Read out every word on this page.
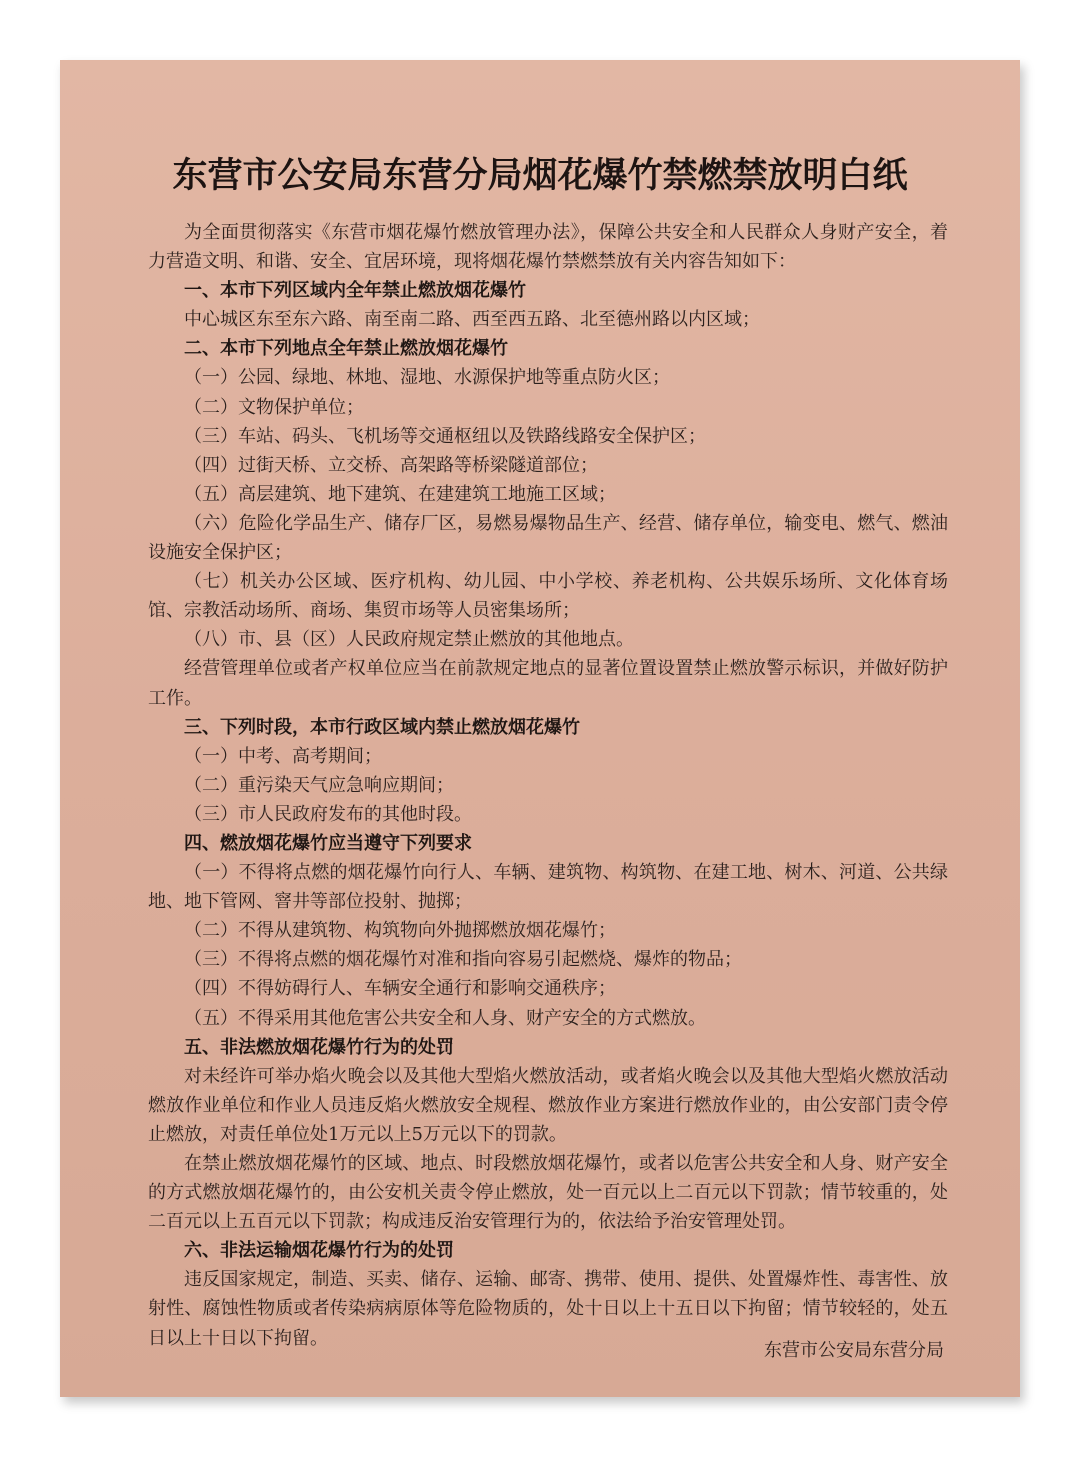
东营市公安局东营分局烟花爆竹禁燃禁放明白纸

为全面贯彻落实《东营市烟花爆竹燃放管理办法》，保障公共安全和人民群众人身财产安全，着力营造文明、和谐、安全、宜居环境，现将烟花爆竹禁燃禁放有关内容告知如下：

一、本市下列区域内全年禁止燃放烟花爆竹

中心城区东至东六路、南至南二路、西至西五路、北至德州路以内区域；

二、本市下列地点全年禁止燃放烟花爆竹

（一）公园、绿地、林地、湿地、水源保护地等重点防火区；

（二）文物保护单位；

（三）车站、码头、飞机场等交通枢纽以及铁路线路安全保护区；

（四）过街天桥、立交桥、高架路等桥梁隧道部位；

（五）高层建筑、地下建筑、在建建筑工地施工区域；

（六）危险化学品生产、储存厂区，易燃易爆物品生产、经营、储存单位，输变电、燃气、燃油设施安全保护区；

（七）机关办公区域、医疗机构、幼儿园、中小学校、养老机构、公共娱乐场所、文化体育场馆、宗教活动场所、商场、集贸市场等人员密集场所；

（八）市、县（区）人民政府规定禁止燃放的其他地点。

经营管理单位或者产权单位应当在前款规定地点的显著位置设置禁止燃放警示标识，并做好防护工作。

三、下列时段，本市行政区域内禁止燃放烟花爆竹

（一）中考、高考期间；

（二）重污染天气应急响应期间；

（三）市人民政府发布的其他时段。

四、燃放烟花爆竹应当遵守下列要求

（一）不得将点燃的烟花爆竹向行人、车辆、建筑物、构筑物、在建工地、树木、河道、公共绿地、地下管网、窨井等部位投射、抛掷；

（二）不得从建筑物、构筑物向外抛掷燃放烟花爆竹；

（三）不得将点燃的烟花爆竹对准和指向容易引起燃烧、爆炸的物品；

（四）不得妨碍行人、车辆安全通行和影响交通秩序；

（五）不得采用其他危害公共安全和人身、财产安全的方式燃放。

五、非法燃放烟花爆竹行为的处罚

对未经许可举办焰火晚会以及其他大型焰火燃放活动，或者焰火晚会以及其他大型焰火燃放活动燃放作业单位和作业人员违反焰火燃放安全规程、燃放作业方案进行燃放作业的，由公安部门责令停止燃放，对责任单位处1万元以上5万元以下的罚款。

在禁止燃放烟花爆竹的区域、地点、时段燃放烟花爆竹，或者以危害公共安全和人身、财产安全的方式燃放烟花爆竹的，由公安机关责令停止燃放，处一百元以上二百元以下罚款；情节较重的，处二百元以上五百元以下罚款；构成违反治安管理行为的，依法给予治安管理处罚。

六、非法运输烟花爆竹行为的处罚

违反国家规定，制造、买卖、储存、运输、邮寄、携带、使用、提供、处置爆炸性、毒害性、放射性、腐蚀性物质或者传染病病原体等危险物质的，处十日以上十五日以下拘留；情节较轻的，处五日以上十日以下拘留。

东营市公安局东营分局
